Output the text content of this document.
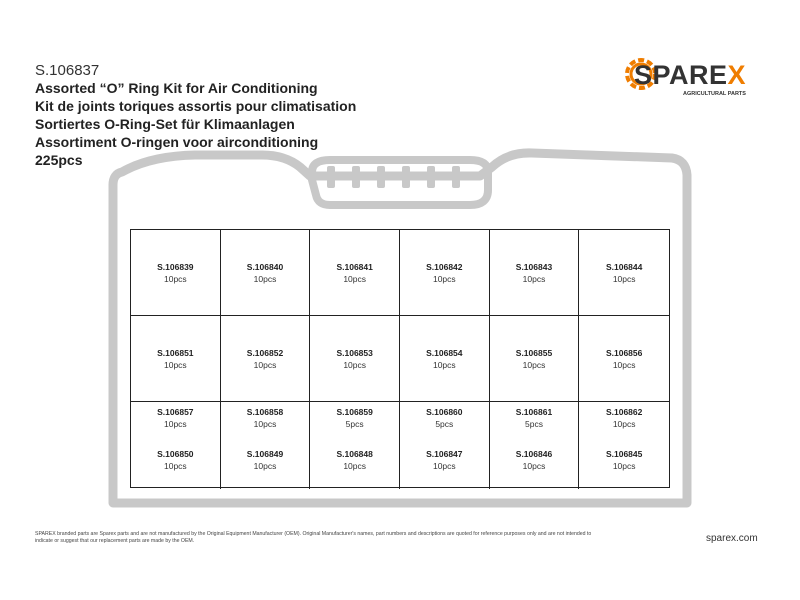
S.106837
Assorted “O” Ring Kit for Air Conditioning
Kit de joints toriques assortis pour climatisation
Sortiertes O-Ring-Set für Klimaanlagen
Assortiment O-ringen voor airconditioning
225pcs
SPAREX
AGRICULTURAL PARTS
S.106839
10pcs
S.106840
10pcs
S.106841
10pcs
S.106842
10pcs
S.106843
10pcs
S.106844
10pcs
S.106851
10pcs
S.106852
10pcs
S.106853
10pcs
S.106854
10pcs
S.106855
10pcs
S.106856
10pcs
S.106857
10pcs
S.106850
10pcs
S.106858
10pcs
S.106849
10pcs
S.106859
5pcs
S.106848
10pcs
S.106860
5pcs
S.106847
10pcs
S.106861
5pcs
S.106846
10pcs
S.106862
10pcs
S.106845
10pcs
SPAREX branded parts are Sparex parts and are not manufactured by the Original Equipment Manufacturer (OEM). Original Manufacturer's names, part numbers and descriptions are quoted for reference purposes only and are not intended to indicate or suggest that our replacement parts are made by the OEM.	sparex.com
